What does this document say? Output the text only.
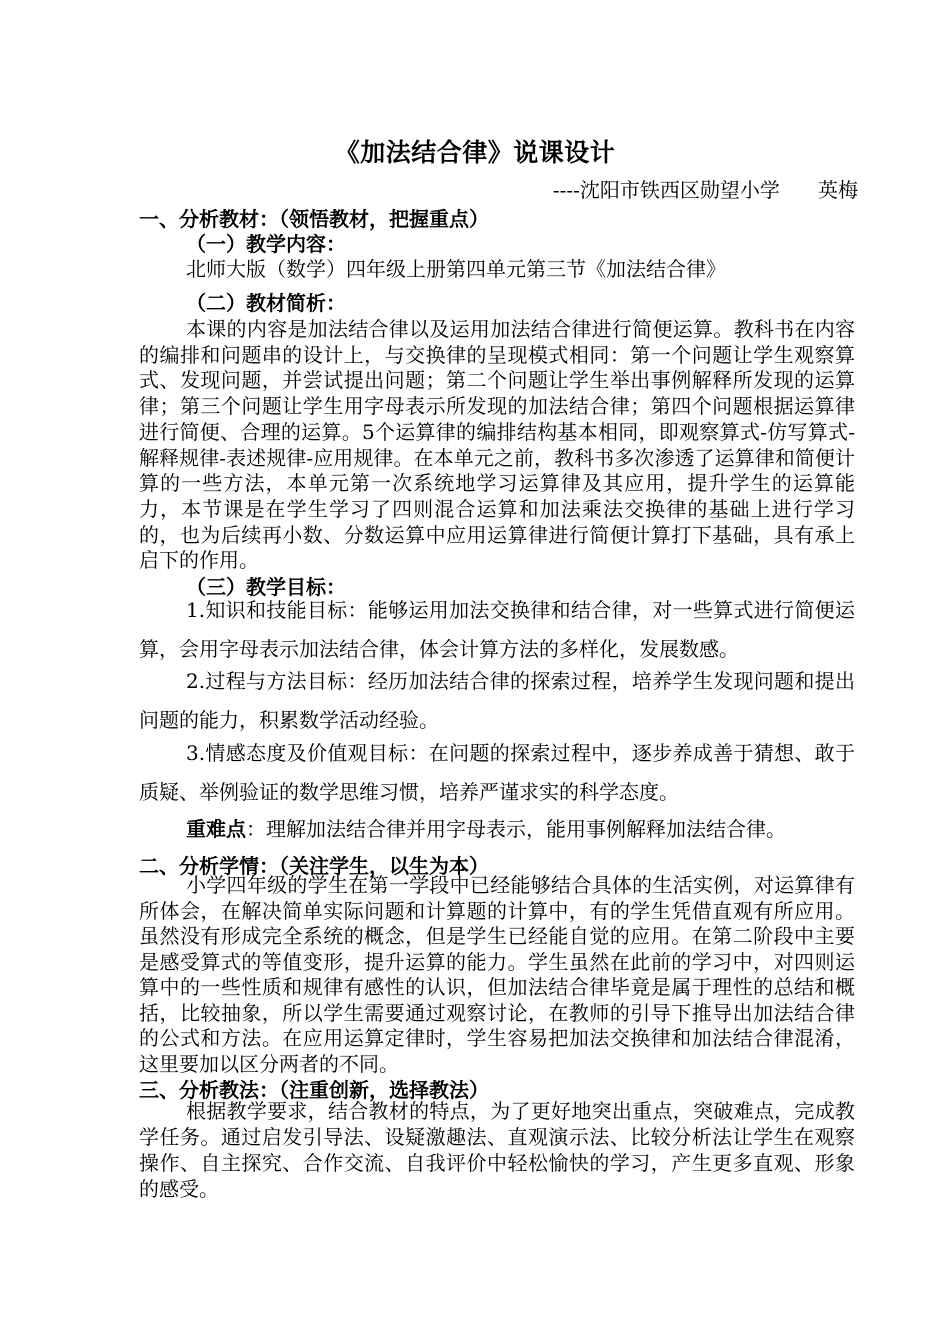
《加法结合律》说课设计
----沈阳市铁西区勋望小学      英梅
一、分析教材：（领悟教材，把握重点）
（一）教学内容：
北师大版（数学）四年级上册第四单元第三节《加法结合律》
（二）教材简析：

本课的内容是加法结合律以及运用加法结合律进行简便运算。教科书在内容的编排和问题串的设计上，与交换律的呈现模式相同：第一个问题让学生观察算式、发现问题，并尝试提出问题；第二个问题让学生举出事例解释所发现的运算律；第三个问题让学生用字母表示所发现的加法结合律；第四个问题根据运算律进行简便、合理的运算。5个运算律的编排结构基本相同，即观察算式-仿写算式-解释规律-表述规律-应用规律。在本单元之前，教科书多次渗透了运算律和简便计算的一些方法，本单元第一次系统地学习运算律及其应用，提升学生的运算能力，本节课是在学生学习了四则混合运算和加法乘法交换律的基础上进行学习的，也为后续再小数、分数运算中应用运算律进行简便计算打下基础，具有承上启下的作用。

（三）教学目标：

1.知识和技能目标：能够运用加法交换律和结合律，对一些算式进行简便运算，会用字母表示加法结合律，体会计算方法的多样化，发展数感。

2.过程与方法目标：经历加法结合律的探索过程，培养学生发现问题和提出问题的能力，积累数学活动经验。

3.情感态度及价值观目标：在问题的探索过程中，逐步养成善于猜想、敢于质疑、举例验证的数学思维习惯，培养严谨求实的科学态度。

重难点：理解加法结合律并用字母表示，能用事例解释加法结合律。

二、分析学情：（关注学生，以生为本）

小学四年级的学生在第一学段中已经能够结合具体的生活实例，对运算律有所体会，在解决简单实际问题和计算题的计算中，有的学生凭借直观有所应用。虽然没有形成完全系统的概念，但是学生已经能自觉的应用。在第二阶段中主要是感受算式的等值变形，提升运算的能力。学生虽然在此前的学习中，对四则运算中的一些性质和规律有感性的认识，但加法结合律毕竟是属于理性的总结和概括，比较抽象，所以学生需要通过观察讨论，在教师的引导下推导出加法结合律的公式和方法。在应用运算定律时，学生容易把加法交换律和加法结合律混淆，这里要加以区分两者的不同。

三、分析教法：（注重创新，选择教法）

根据教学要求，结合教材的特点，为了更好地突出重点，突破难点，完成教学任务。通过启发引导法、设疑激趣法、直观演示法、比较分析法让学生在观察操作、自主探究、合作交流、自我评价中轻松愉快的学习，产生更多直观、形象的感受。
